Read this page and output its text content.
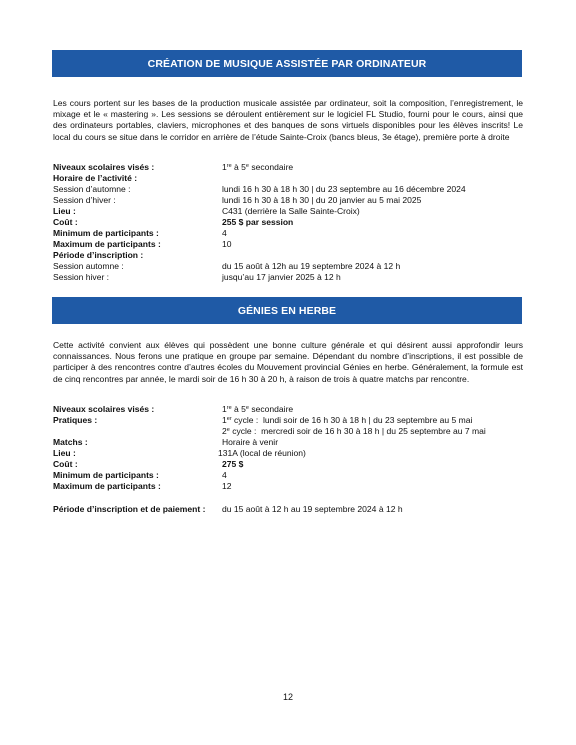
CRÉATION DE MUSIQUE ASSISTÉE PAR ORDINATEUR

Les cours portent sur les bases de la production musicale assistée par ordinateur, soit la composition, l’enregistrement, le mixage et le « mastering ». Les sessions se déroulent entièrement sur le logiciel FL Studio, fourni pour le cours, ainsi que des ordinateurs portables, claviers, microphones et des banques de sons virtuels disponibles pour les élèves inscrits! Le local du cours se situe dans le corridor en arrière de l’étude Sainte-Croix (bancs bleus, 3e étage), première porte à droite

Niveaux scolaires visés :	1re à 5e secondaire
Horaire de l’activité :
Session d’automne :	lundi 16 h 30 à 18 h 30 | du 23 septembre au 16 décembre 2024
Session d’hiver :	lundi 16 h 30 à 18 h 30 | du 20 janvier au 5 mai 2025
Lieu :	C431 (derrière la Salle Sainte-Croix)
Coût :	255 $ par session
Minimum de participants :	4
Maximum de participants :	10
Période d’inscription :
Session automne :	du 15 août à 12h au 19 septembre 2024 à 12 h
Session hiver :	jusqu’au 17 janvier 2025 à 12 h
GÉNIES EN HERBE

Cette activité convient aux élèves qui possèdent une bonne culture générale et qui désirent aussi approfondir leurs connaissances. Nous ferons une pratique en groupe par semaine. Dépendant du nombre d’inscriptions, il est possible de participer à des rencontres contre d’autres écoles du Mouvement provincial Génies en herbe. Généralement, la formule est de cinq rencontres par année, le mardi soir de 16 h 30 à 20 h, à raison de trois à quatre matchs par rencontre.

Niveaux scolaires visés :	1re à 5e secondaire
Pratiques :	1er cycle :  lundi soir de 16 h 30 à 18 h | du 23 septembre au 5 mai
2e cycle :  mercredi soir de 16 h 30 à 18 h | du 25 septembre au 7 mai
Matchs :	Horaire à venir
Lieu :	131A (local de réunion)
Coût :	275 $
Minimum de participants :	4
Maximum de participants :	12
Période d’inscription et de paiement : du 15 août à 12 h au 19 septembre 2024 à 12 h
12
